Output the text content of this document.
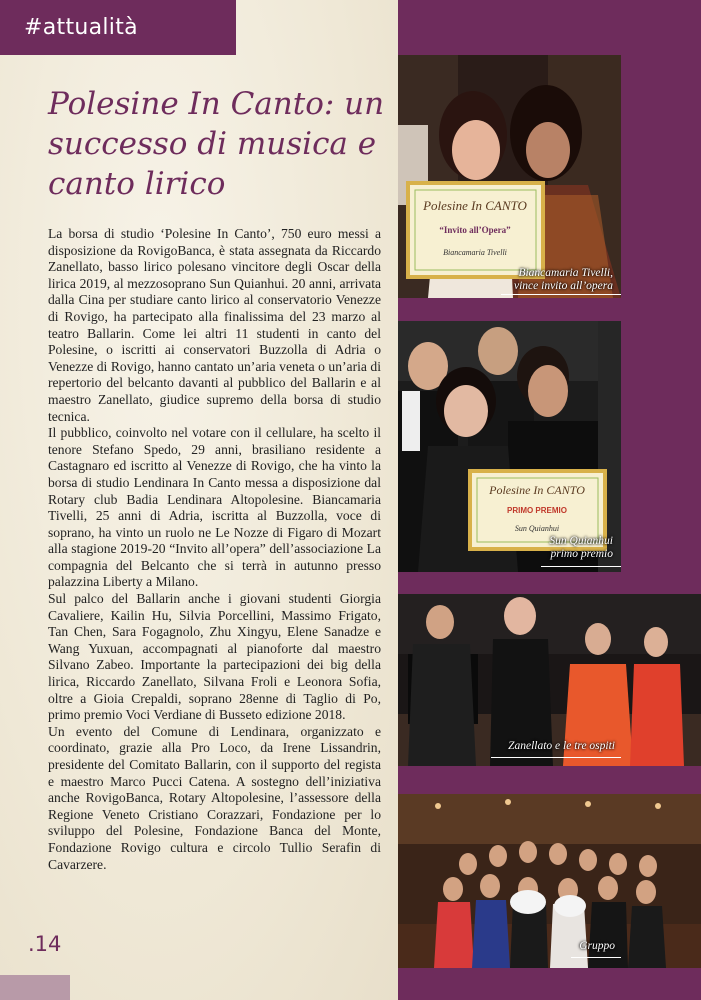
#attualità
Polesine In Canto: un successo di musica e canto lirico

La borsa di studio ‘Polesine In Canto’, 750 euro messi a disposizione da RovigoBanca, è stata assegnata da Riccardo Zanellato, basso lirico polesano vincitore degli Oscar della lirica 2019, al mezzosoprano Sun Quianhui. 20 anni, arrivata dalla Cina per studiare canto lirico al conservatorio Venezze di Rovigo, ha partecipato alla finalissima del 23 marzo al teatro Ballarin. Come lei altri 11 studenti in canto del Polesine, o iscritti ai conservatori Buzzolla di Adria o Venezze di Rovigo, hanno cantato un’aria veneta o un’aria di repertorio del belcanto davanti al pubblico del Ballarin e al maestro Zanellato, giudice supremo della borsa di studio tecnica.

Il pubblico, coinvolto nel votare con il cellulare, ha scelto il tenore Stefano Spedo, 29 anni, brasiliano residente a Castagnaro ed iscritto al Venezze di Rovigo, che ha vinto la borsa di studio Lendinara In Canto messa a disposizione dal Rotary club Badia Lendinara Altopolesine. Biancamaria Tivelli, 25 anni di Adria, iscritta al Buzzolla, voce di soprano, ha vinto un ruolo ne Le Nozze di Figaro di Mozart alla stagione 2019-20 “Invito all’opera” dell’associazione La compagnia del Belcanto che si terrà in autunno presso palazzina Liberty a Milano.

Sul palco del Ballarin anche i giovani studenti Giorgia Cavaliere, Kailin Hu, Silvia Porcellini, Massimo Frigato, Tan Chen, Sara Fogagnolo, Zhu Xingyu, Elene Sanadze e Wang Yuxuan, accompagnati al pianoforte dal maestro Silvano Zabeo. Importante la partecipazioni dei big della lirica, Riccardo Zanellato, Silvana Froli e Leonora Sofia, oltre a Gioia Crepaldi, soprano 28enne di Taglio di Po, primo premio Voci Verdiane di Busseto edizione 2018.

Un evento del Comune di Lendinara, organizzato e coordinato, grazie alla Pro Loco, da Irene Lissandrin, presidente del Comitato Ballarin, con il supporto del regista e maestro Marco Pucci Catena. A sostegno dell’iniziativa anche RovigoBanca, Rotary Altopolesine, l’assessore della Regione Veneto Cristiano Corazzari, Fondazione per lo sviluppo del Polesine, Fondazione Banca del Monte, Fondazione Rovigo cultura e circolo Tullio Serafin di Cavarzere.

.14
Polesine In CANTO
“Invito all’Opera”
Biancamaria Tivelli
Biancamaria Tivelli,
vince invito all’opera
Polesine In CANTO
PRIMO PREMIO
Sun Quianhui
Sun Quianhui
primo premio
Zanellato e le tre ospiti
Gruppo
